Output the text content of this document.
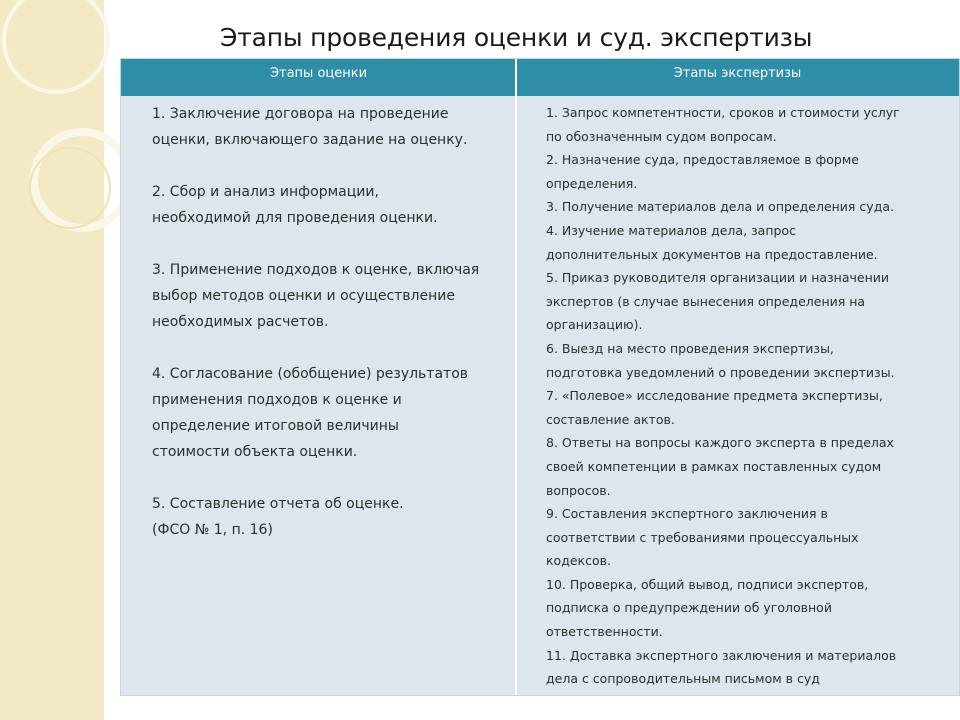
Этапы проведения оценки и суд. экспертизы
Этапы оценки	Этапы экспертизы
1. Заключение договора на проведение
оценки, включающего задание на оценку.
2. Сбор и анализ информации,
необходимой для проведения оценки.
3. Применение подходов к оценке, включая
выбор методов оценки и осуществление
необходимых расчетов.
4. Согласование (обобщение) результатов
применения подходов к оценке и
определение итоговой величины
стоимости объекта оценки.
5. Составление отчета об оценке.
(ФСО № 1, п. 16)
1. Запрос компетентности, сроков и стоимости услуг
по обозначенным судом вопросам.
2. Назначение суда, предоставляемое в форме
определения.
3. Получение материалов дела и определения суда.
4. Изучение материалов дела, запрос
дополнительных документов на предоставление.
5. Приказ руководителя организации и назначении
экспертов (в случае вынесения определения на
организацию).
6. Выезд на место проведения экспертизы,
подготовка уведомлений о проведении экспертизы.
7. «Полевое» исследование предмета экспертизы,
составление актов.
8. Ответы на вопросы каждого эксперта в пределах
своей компетенции в рамках поставленных судом
вопросов.
9. Составления экспертного заключения в
соответствии с требованиями процессуальных
кодексов.
10. Проверка, общий вывод, подписи экспертов,
подписка о предупреждении об уголовной
ответственности.
11. Доставка экспертного заключения и материалов
дела с сопроводительным письмом в суд
